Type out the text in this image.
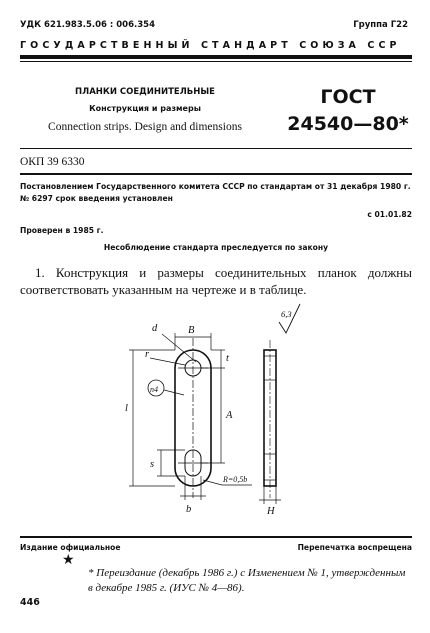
УДК 621.983.5.06 : 006.354	Группа Г22
ГОСУДАРСТВЕННЫЙ СТАНДАРТ СОЮЗА ССР
ПЛАНКИ СОЕДИНИТЕЛЬНЫЕ
Конструкция и размеры
Connection strips. Design and dimensions
ГОСТ
24540—80*
ОКП 39 6330
Постановлением Государственного комитета СССР по стандартам от 31 декабря 1980 г. № 6297 срок введения установлен
с 01.01.82
Проверен в 1985 г.
Несоблюдение стандарта преследуется по закону
1. Конструкция и размеры соединительных планок должны соответствовать указанным на чертеже и в таблице.
d	B
r	t
n4
A
l
s
R=0,5b
b	H
6,3
Издание официальное	Перепечатка воспрещена
★
* Переиздание (декабрь 1986 г.) с Изменением № 1, утвержденным в декабре 1985 г. (ИУС № 4—86).
446
